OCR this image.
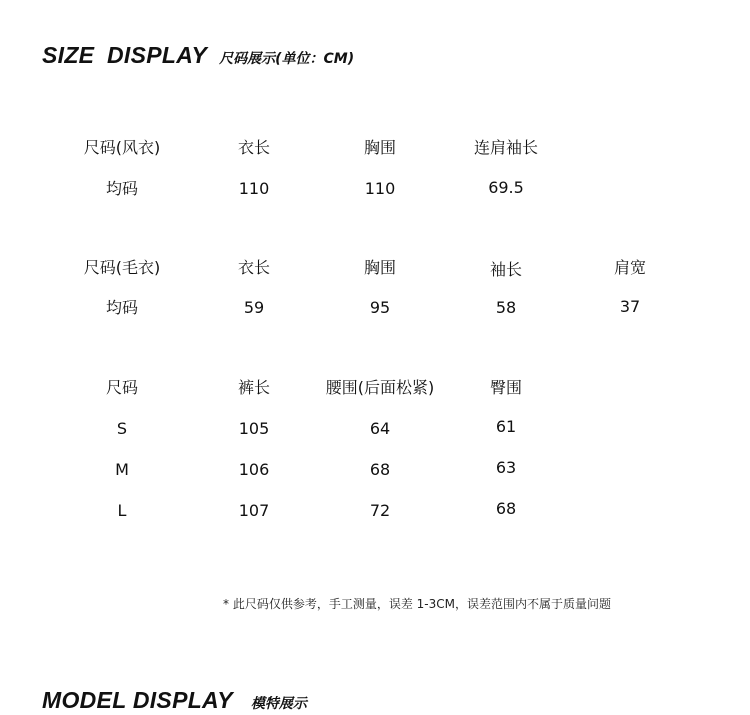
SIZE DISPLAY 尺码展示(单位：CM)
尺码(风衣)	衣长	胸围	连肩袖长
均码	110	110	69.5
尺码(毛衣)	衣长	胸围	袖长	肩宽
均码	59	95	58	37
尺码	裤长	腰围(后面松紧)	臀围
S	105	64	61
M	106	68	63
L	107	72	68
* 此尺码仅供参考，手工测量，误差 1-3CM，误差范围内不属于质量问题
MODEL DISPLAY 模特展示
